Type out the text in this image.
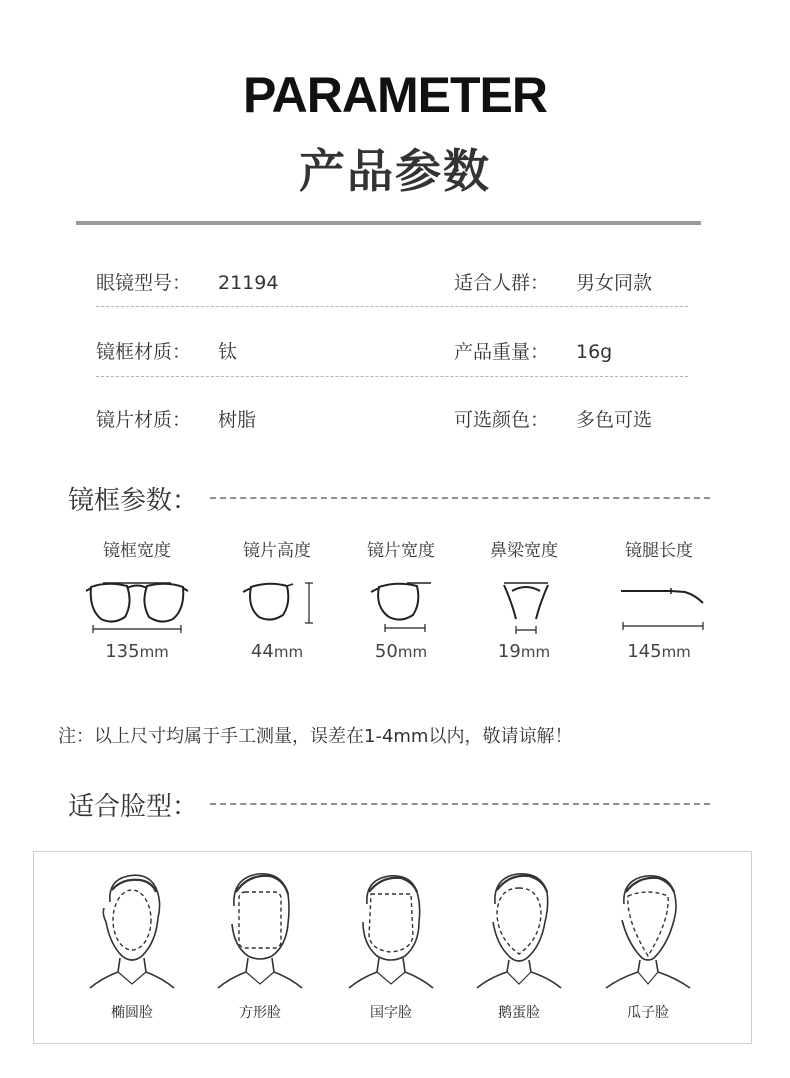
PARAMETER
产品参数
眼镜型号： 21194	适合人群： 男女同款
镜框材质： 钛	产品重量： 16g
镜片材质： 树脂	可选颜色： 多色可选
镜框参数：
镜框宽度
135mm
镜片高度
44mm
镜片宽度
50mm
鼻梁宽度
19mm
镜腿长度
145mm
注：以上尺寸均属于手工测量，误差在1-4mm以内，敬请谅解！
适合脸型：
椭圆脸	方形脸	国字脸	鹅蛋脸	瓜子脸
